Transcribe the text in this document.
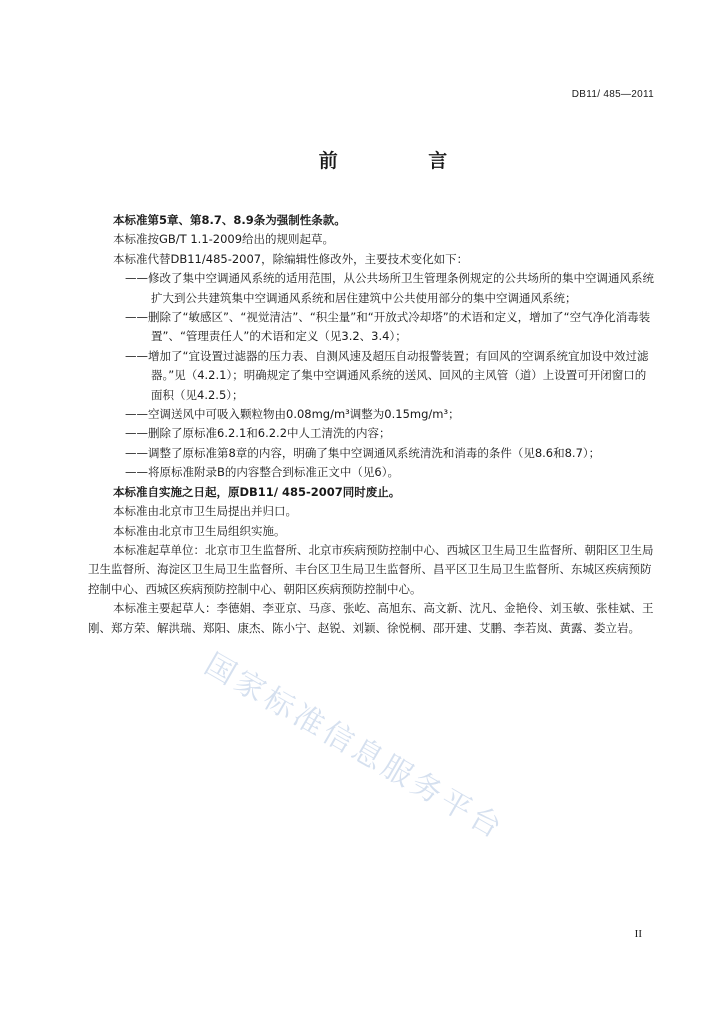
DB11/ 485—2011
前 言

本标准第5章、第8.7、8.9条为强制性条款。

本标准按GB/T 1.1-2009给出的规则起草。

本标准代替DB11/485-2007，除编辑性修改外，主要技术变化如下：

——修改了集中空调通风系统的适用范围，从公共场所卫生管理条例规定的公共场所的集中空调通风系统扩大到公共建筑集中空调通风系统和居住建筑中公共使用部分的集中空调通风系统；

——删除了“敏感区”、“视觉清洁”、“积尘量”和“开放式冷却塔”的术语和定义，增加了“空气净化消毒装置”、“管理责任人”的术语和定义（见3.2、3.4）；

——增加了“宜设置过滤器的压力表、自测风速及超压自动报警装置；有回风的空调系统宜加设中效过滤器。”见（4.2.1）；明确规定了集中空调通风系统的送风、回风的主风管（道）上设置可开闭窗口的面积（见4.2.5）；

——空调送风中可吸入颗粒物由0.08mg/m³调整为0.15mg/m³；

——删除了原标准6.2.1和6.2.2中人工清洗的内容；

——调整了原标准第8章的内容，明确了集中空调通风系统清洗和消毒的条件（见8.6和8.7）；

——将原标准附录B的内容整合到标准正文中（见6）。

本标准自实施之日起，原DB11/ 485-2007同时废止。

本标准由北京市卫生局提出并归口。

本标准由北京市卫生局组织实施。

本标准起草单位：北京市卫生监督所、北京市疾病预防控制中心、西城区卫生局卫生监督所、朝阳区卫生局卫生监督所、海淀区卫生局卫生监督所、丰台区卫生局卫生监督所、昌平区卫生局卫生监督所、东城区疾病预防控制中心、西城区疾病预防控制中心、朝阳区疾病预防控制中心。

本标准主要起草人：李德娟、李亚京、马彦、张屹、高旭东、高文新、沈凡、金艳伶、刘玉敏、张桂斌、王刚、郑方荣、解洪瑞、郑阳、康杰、陈小宁、赵锐、刘颖、徐悦桐、邵开建、艾鹏、李若岚、黄露、娄立岩。

国家标准信息服务平台
II
